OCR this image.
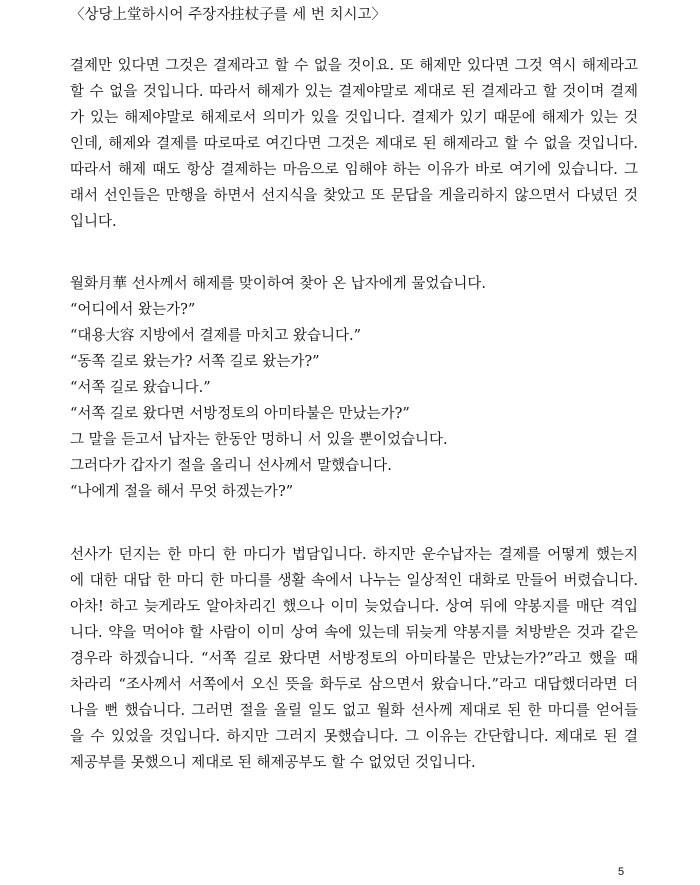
〈상당上堂하시어 주장자拄杖子를 세 번 치시고〉
결제만 있다면 그것은 결제라고 할 수 없을 것이요. 또 해제만 있다면 그것 역시 해제라고
할 수 없을 것입니다. 따라서 해제가 있는 결제야말로 제대로 된 결제라고 할 것이며 결제
가 있는 해제야말로 해제로서 의미가 있을 것입니다. 결제가 있기 때문에 해제가 있는 것
인데, 해제와 결제를 따로따로 여긴다면 그것은 제대로 된 해제라고 할 수 없을 것입니다.
따라서 해제 때도 항상 결제하는 마음으로 임해야 하는 이유가 바로 여기에 있습니다. 그
래서 선인들은 만행을 하면서 선지식을 찾았고 또 문답을 게을리하지 않으면서 다녔던 것
입니다.
월화月華 선사께서 해제를 맞이하여 찾아 온 납자에게 물었습니다.
“어디에서 왔는가?”
“대용大容 지방에서 결제를 마치고 왔습니다.”
“동쪽 길로 왔는가? 서쪽 길로 왔는가?”
“서쪽 길로 왔습니다.”
“서쪽 길로 왔다면 서방정토의 아미타불은 만났는가?”
그 말을 듣고서 납자는 한동안 멍하니 서 있을 뿐이었습니다.
그러다가 갑자기 절을 올리니 선사께서 말했습니다.
“나에게 절을 해서 무엇 하겠는가?”
선사가 던지는 한 마디 한 마디가 법담입니다. 하지만 운수납자는 결제를 어떻게 했는지
에 대한 대답 한 마디 한 마디를 생활 속에서 나누는 일상적인 대화로 만들어 버렸습니다.
아차! 하고 늦게라도 알아차리긴 했으나 이미 늦었습니다. 상여 뒤에 약봉지를 매단 격입
니다. 약을 먹어야 할 사람이 이미 상여 속에 있는데 뒤늦게 약봉지를 처방받은 것과 같은
경우라 하겠습니다. “서쪽 길로 왔다면 서방정토의 아미타불은 만났는가?”라고 했을 때
차라리 “조사께서 서쪽에서 오신 뜻을 화두로 삼으면서 왔습니다.”라고 대답했더라면 더
나을 뻔 했습니다. 그러면 절을 올릴 일도 없고 월화 선사께 제대로 된 한 마디를 얻어들
을 수 있었을 것입니다. 하지만 그러지 못했습니다. 그 이유는 간단합니다. 제대로 된 결
제공부를 못했으니 제대로 된 해제공부도 할 수 없었던 것입니다.
5
